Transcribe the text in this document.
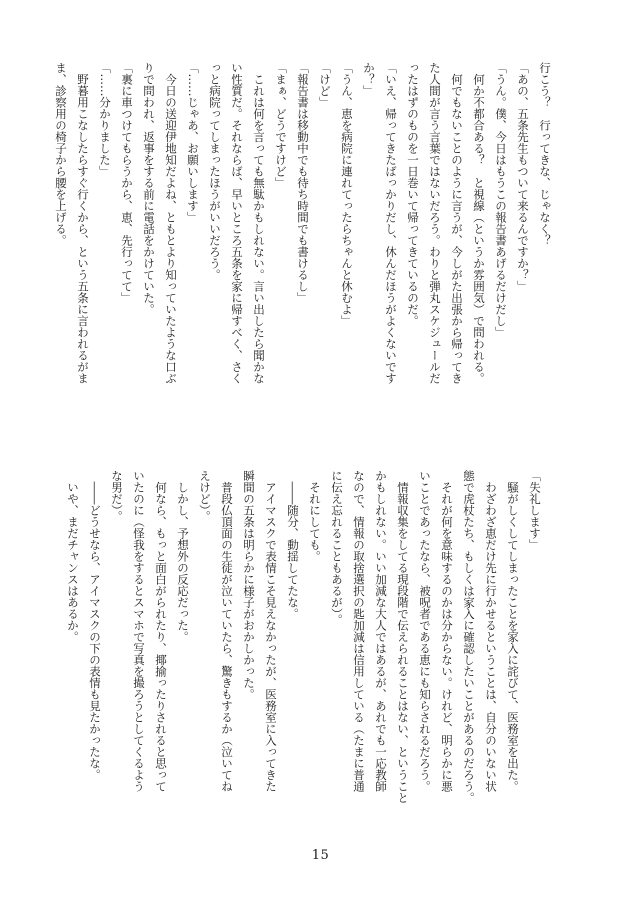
行こう？　行ってきな、じゃなく？

「あの、五条先生もついて来るんですか？」

「うん。僕、今日はもうこの報告書あげるだけだし」

　何か不都合ある？　と視線（というか雰囲気）で問われる。

　何でもないことのように言うが、今しがた出張から帰ってき

た人間が言う言葉ではないだろう。わりと弾丸スケジュールだ

ったはずのものを一日巻いて帰ってきているのだ。

「いえ、帰ってきたばっかりだし、休んだほうがよくないです

か？」

「うん、恵を病院に連れてったらちゃんと休むよ」

「けど」

「報告書は移動中でも待ち時間でも書けるし」

「まぁ、どうですけど」

　これは何を言っても無駄かもしれない。言い出したら聞かな

い性質だ。それならば、早いところ五条を家に帰すべく、さく

っと病院ってしまったほうがいいだろう。

「……じゃあ、お願いします」

　今日の送迎伊地知だよね、ともとより知っていたような口ぶ

りで問われ、返事をする前に電話をかけていた。

「裏に車つけてもらうから、恵、先行ってて」

「……分かりました」

　野暮用こなしたらすぐ行くから、という五条に言われるがま

ま、診察用の椅子から腰を上げる。

「失礼します」

　騒がしくしてしまったことを家入に詫びて、医務室を出た。

　わざわざ恵だけ先に行かせるということは、自分のいない状

態で虎杖たち、もしくは家入に確認したいことがあるのだろう。

　それが何を意味するのかは分からない。けれど、明らかに悪

いことであったなら、被呪者である恵にも知らされるだろう。

　情報収集をしてる現段階で伝えられることはない、ということ

かもしれない。いい加減な大人ではあるが、あれでも一応教師

なので、情報の取捨選択の匙加減は信用している（たまに普通

に伝え忘れることもあるが）。

　それにしても。

　――随分、動揺してたな。

　アイマスクで表情こそ見えなかったが、医務室に入ってきた

瞬間の五条は明らかに様子がおかしかった。

　普段仏頂面の生徒が泣いていたら、驚きもするか（泣いてね

えけど）。

　しかし、予想外の反応だった。

　何なら、もっと面白がられたり、揶揄ったりされると思って

いたのに（怪我をするとスマホで写真を撮ろうとしてくるよう

な男だ）。

　――どうせなら、アイマスクの下の表情も見たかったな。

　いや、まだチャンスはあるか。

15
